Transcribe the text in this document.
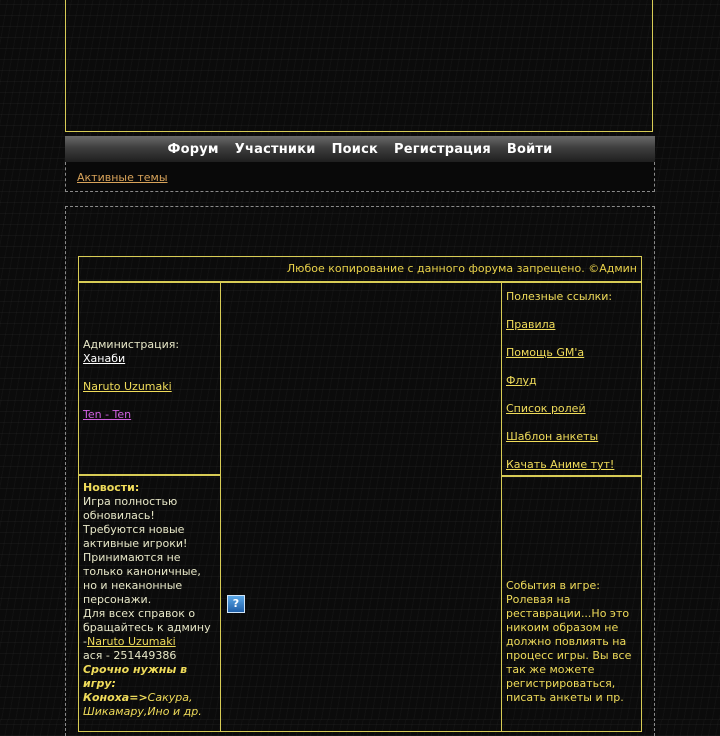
Форум	Участники	Поиск	Регистрация	Войти
Активные темы
Любое копирование с данного форума запрещено. ©Админ
Администрация:
Ханаби
Naruto Uzumaki
Ten - Ten
Полезные ссылки:
Правила
Помощь GM'а
Флуд
Список ролей
Шаблон анкеты
Качать Аниме тут!
Новости:
Игра полностью обновилась!
Требуются новые активные игроки!
Принимаются не только каноничные, но и неканонные персонажи.
Для всех справок о бращайтесь к админу -Naruto Uzumaki
ася - 251449386
Срочно нужны в игру:
Коноха=>Сакура, Шикамару,Ино и др.
События в игре: Ролевая на реставрации...Но это никоим образом не должно повлиять на процесс игры. Вы все так же можете регистрироваться, писать анкеты и пр.
?
